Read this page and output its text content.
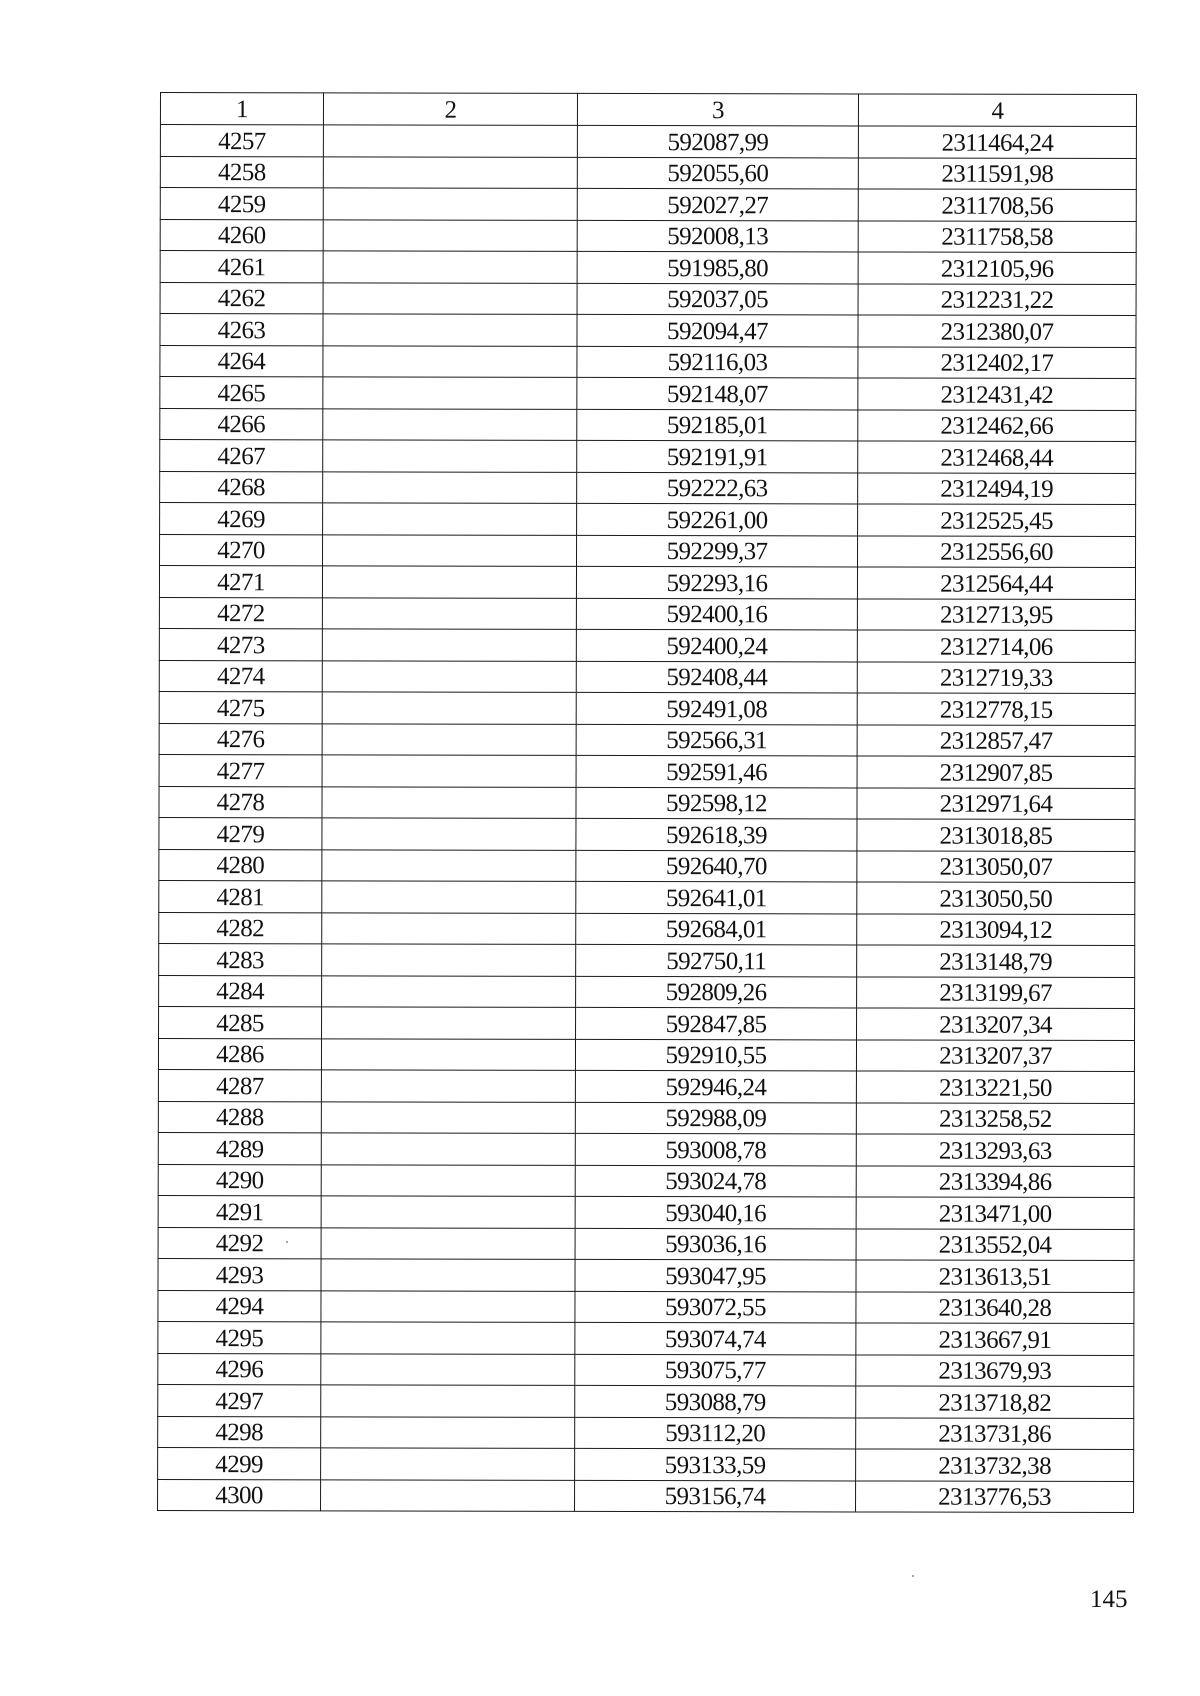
1	2	3	4
4257		592087,99	2311464,24
4258		592055,60	2311591,98
4259		592027,27	2311708,56
4260		592008,13	2311758,58
4261		591985,80	2312105,96
4262		592037,05	2312231,22
4263		592094,47	2312380,07
4264		592116,03	2312402,17
4265		592148,07	2312431,42
4266		592185,01	2312462,66
4267		592191,91	2312468,44
4268		592222,63	2312494,19
4269		592261,00	2312525,45
4270		592299,37	2312556,60
4271		592293,16	2312564,44
4272		592400,16	2312713,95
4273		592400,24	2312714,06
4274		592408,44	2312719,33
4275		592491,08	2312778,15
4276		592566,31	2312857,47
4277		592591,46	2312907,85
4278		592598,12	2312971,64
4279		592618,39	2313018,85
4280		592640,70	2313050,07
4281		592641,01	2313050,50
4282		592684,01	2313094,12
4283		592750,11	2313148,79
4284		592809,26	2313199,67
4285		592847,85	2313207,34
4286		592910,55	2313207,37
4287		592946,24	2313221,50
4288		592988,09	2313258,52
4289		593008,78	2313293,63
4290		593024,78	2313394,86
4291		593040,16	2313471,00
4292		593036,16	2313552,04
4293		593047,95	2313613,51
4294		593072,55	2313640,28
4295		593074,74	2313667,91
4296		593075,77	2313679,93
4297		593088,79	2313718,82
4298		593112,20	2313731,86
4299		593133,59	2313732,38
4300		593156,74	2313776,53
145
